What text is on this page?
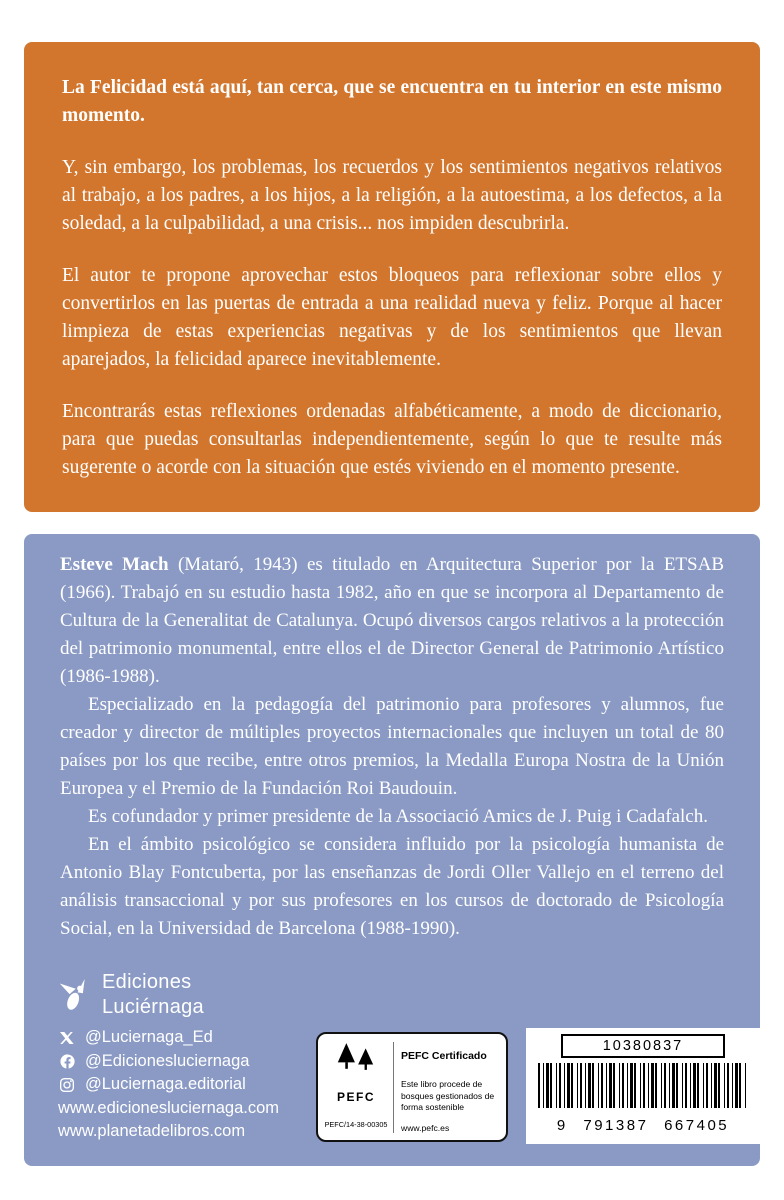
La Felicidad está aquí, tan cerca, que se encuentra en tu interior en este mismo momento.

Y, sin embargo, los problemas, los recuerdos y los sentimientos negativos relativos al trabajo, a los padres, a los hijos, a la religión, a la autoestima, a los defectos, a la soledad, a la culpabilidad, a una crisis... nos impiden descubrirla.

El autor te propone aprovechar estos bloqueos para reflexionar sobre ellos y convertirlos en las puertas de entrada a una realidad nueva y feliz. Porque al hacer limpieza de estas experiencias negativas y de los sentimientos que llevan aparejados, la felicidad aparece inevitablemente.

Encontrarás estas reflexiones ordenadas alfabéticamente, a modo de diccionario, para que puedas consultarlas independientemente, según lo que te resulte más sugerente o acorde con la situación que estés viviendo en el momento presente.

Esteve Mach (Mataró, 1943) es titulado en Arquitectura Superior por la ETSAB (1966). Trabajó en su estudio hasta 1982, año en que se incorpora al Departamento de Cultura de la Generalitat de Catalunya. Ocupó diversos cargos relativos a la protección del patrimonio monumental, entre ellos el de Director General de Patrimonio Artístico (1986-1988).

Especializado en la pedagogía del patrimonio para profesores y alumnos, fue creador y director de múltiples proyectos internacionales que incluyen un total de 80 países por los que recibe, entre otros premios, la Medalla Europa Nostra de la Unión Europea y el Premio de la Fundación Roi Baudouin.

Es cofundador y primer presidente de la Associació Amics de J. Puig i Cadafalch.

En el ámbito psicológico se considera influido por la psicología humanista de Antonio Blay Fontcuberta, por las enseñanzas de Jordi Oller Vallejo en el terreno del análisis transaccional y por sus profesores en los cursos de doctorado de Psicología Social, en la Universidad de Barcelona (1988-1990).

Ediciones
Luciérnaga
@Luciernaga_Ed
@Edicionesluciernaga
@Luciernaga.editorial
www.edicionesluciernaga.com
www.planetadelibros.com
PEFC
PEFC/14-38-00305
PEFC Certificado
Este libro procede de bosques gestionados de forma sostenible
www.pefc.es
10380837
9 791387 667405
